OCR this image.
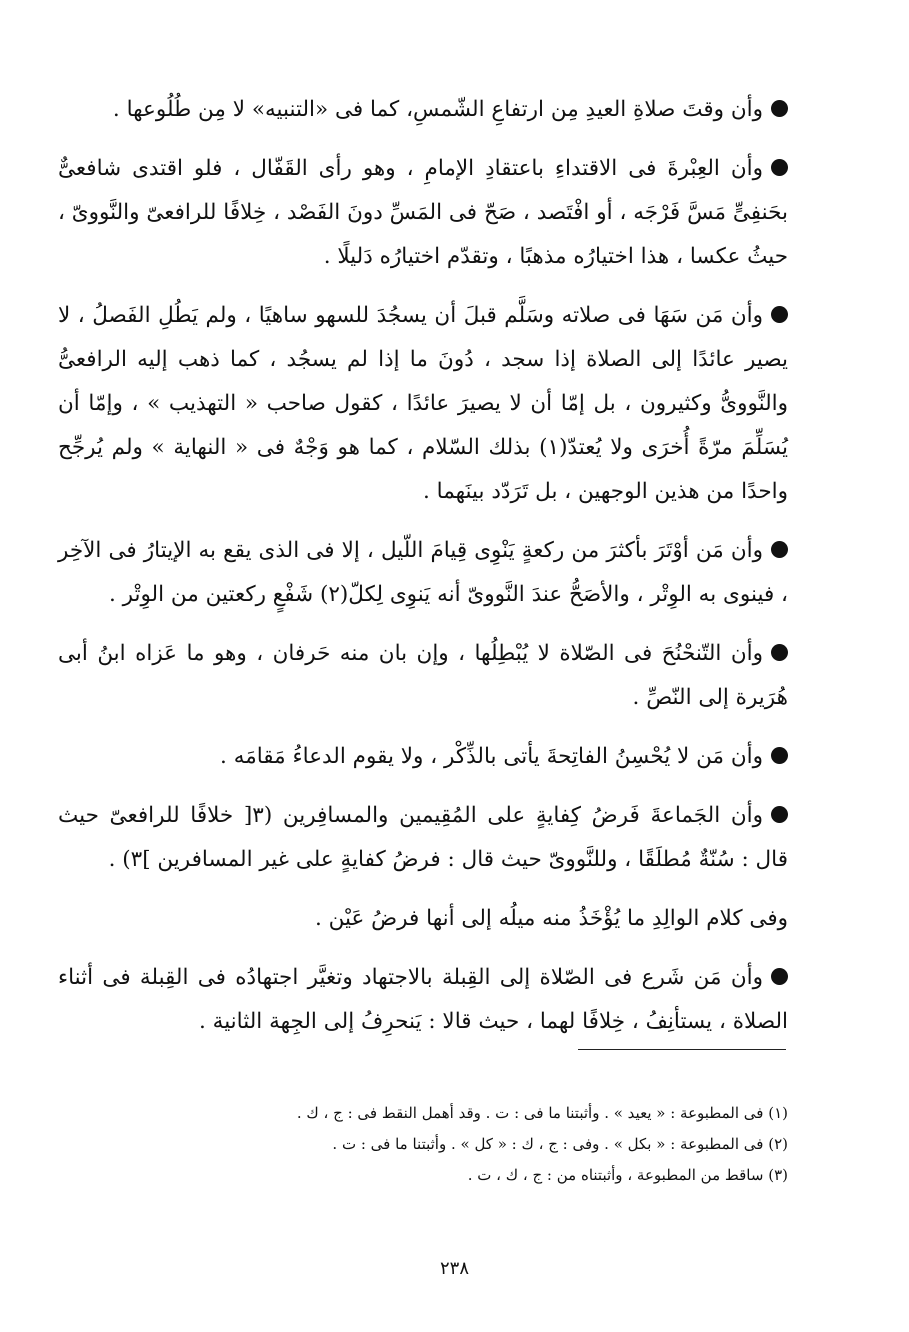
وأن وقتَ صلاةِ العيدِ مِن ارتفاعِ الشّمسِ، كما فى «التنبيه» لا مِن طُلُوعها .

وأن العِبْرةَ فى الاقتداءِ باعتقادِ الإمامِ ، وهو رأى القَفّال ، فلو اقتدى شافعىٌّ بحَنفِىٍّ مَسَّ فَرْجَه ، أو افْتَصد ، صَحّ فى المَسِّ دونَ الفَصْد ، خِلافًا للرافعىّ والنَّووىّ ، حيثُ عكسا ، هذا اختيارُه مذهبًا ، وتقدّم اختيارُه دَليلًا .

وأن مَن سَهَا فى صلاته وسَلَّم قبلَ أن يسجُدَ للسهو ساهيًا ، ولم يَطُلِ الفَصلُ ، لا يصير عائدًا إلى الصلاة إذا سجد ، دُونَ ما إذا لم يسجُد ، كما ذهب إليه الرافعىُّ والنَّووىُّ وكثيرون ، بل إمّا أن لا يصيرَ عائدًا ، كقول صاحب « التهذيب » ، وإمّا أن يُسَلِّمَ مرّةً أُخرَى ولا يُعتدّ(١) بذلك السّلام ، كما هو وَجْهٌ فى « النهاية » ولم يُرجِّح واحدًا من هذين الوجهين ، بل تَرَدّد بينَهما .

وأن مَن أوْتَرَ بأكثرَ من ركعةٍ يَنْوِى قِيامَ اللّيل ، إلا فى الذى يقع به الإيتارُ فى الآخِر ، فينوى به الوِتْر ، والأصَحُّ عندَ النَّووىّ أنه يَنوِى لِكلّ(٢) شَفْعٍ ركعتين من الوِتْر .

وأن التّنحْنُحَ فى الصّلاة لا يُبْطِلُها ، وإن بان منه حَرفان ، وهو ما عَزاه ابنُ أبى هُرَيرة إلى النّصِّ .

وأن مَن لا يُحْسِنُ الفاتِحةَ يأتى بالذِّكْر ، ولا يقوم الدعاءُ مَقامَه .

وأن الجَماعةَ فَرضُ كِفايةٍ على المُقِيمين والمسافِرين (٣[ خلافًا للرافعىّ حيث قال : سُنّةٌ مُطلَقًا ، وللنَّووىّ حيث قال : فرضُ كفايةٍ على غير المسافرين ]٣) .

وفى كلام الوالِدِ ما يُؤْخَذُ منه ميلُه إلى أنها فرضُ عَيْن .

وأن مَن شَرع فى الصّلاة إلى القِبلة بالاجتهاد وتغيَّر اجتهادُه فى القِبلة فى أثناء الصلاة ، يستأنِفُ ، خِلافًا لهما ، حيث قالا : يَنحرِفُ إلى الجِهة الثانية .

(١) فى المطبوعة : « يعيد » . وأثبتنا ما فى : ت . وقد أهمل النقط فى : ج ، ك .
(٢) فى المطبوعة : « بكل » . وفى : ج ، ك : « كل » . وأثبتنا ما فى : ت .
(٣) ساقط من المطبوعة ، وأثبتناه من : ج ، ك ، ت .
٢٣٨
